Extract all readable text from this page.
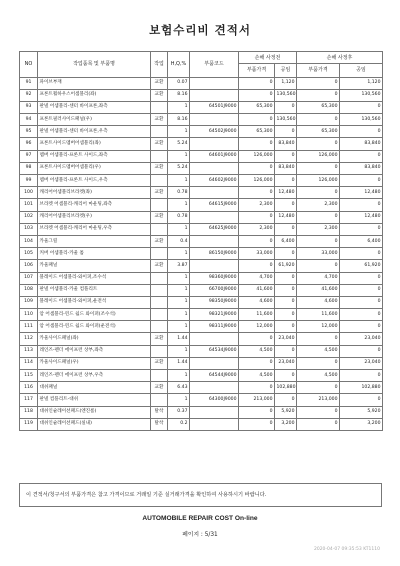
보험수리비 견적서
NO	작업품목 및 부품명	작업	H,Q,%	부품코드	손해 사정전		손해 사정후	
					부품가격	공임	부품가격	공임
91	파이브부재	교환	0.07		0	1,120	0	1,120
92	프론트휠하우스어셈블리(좌)	교환	8.16		0	130,560	0	130,560
93	판넬 어셈블리-센터 바이프론,좌측		1	64501J9000	65,300	0	65,300	0
94	프론트필러사이드패널(우)	교환	8.16		0	130,560	0	130,560
95	판넬 어셈블리-센터 바이프론,우측		1	64502J9000	65,300	0	65,300	0
96	프론트사이드멤버어셈블리(좌)	교환	5.24		0	83,840	0	83,840
97	멤버 어셈블리-프론트 사이드,좌측		1	64601J9000	126,000	0	126,000	0
98	프론트사이드멤버어셈블리(우)	교환	5.24		0	83,840	0	83,840
99	멤버 어셈블리-프론트 사이드,우측		1	64602J9000	126,000	0	126,000	0
100	캐리어어셈블리브라켓(좌)	교환	0.78		0	12,480	0	12,480
101	브라켓 어셈블리-캐리어 마운팅,좌측		1	64615J9000	2,300	0	2,300	0
102	캐리어어셈블리브라켓(우)	교환	0.78		0	12,480	0	12,480
103	브라켓 어셈블리-캐리어 마운팅,우측		1	64625J9000	2,300	0	2,300	0
104	카울그릴	교환	0.4		0	6,400	0	6,400
105	커버 어셈블리-카울 톱		1	86150J9000	33,000	0	33,000	0
106	카울패널	교환	3.87		0	61,920	0	61,920
107	블레이드 어셈블리-와이퍼,조수석		1	98360J9000	4,700	0	4,700	0
108	판넬 어셈블리-카울 컴플리트		1	66700J9000	41,600	0	41,600	0
109	블레이드 어셈블리-와이퍼,운전석		1	98350J9000	4,600	0	4,600	0
110	암 어셈블리-윈드 쉴드 와이퍼(조수석)		1	98321J9000	11,600	0	11,600	0
111	암 어셈블리-윈드 쉴드 와이퍼(운전석)		1	98311J9000	12,000	0	12,000	0
112	카울사이드패널(좌)	교환	1.44		0	23,040	0	23,040
113	레인즈-펜더 에이프런 상부,좌측		1	64534J9000	4,500	0	4,500	0
114	카울사이드패널(우)	교환	1.44		0	23,040	0	23,040
115	레인즈-펜더 에이프런 상부,우측		1	64544J9000	4,500	0	4,500	0
116	대쉬패널	교환	6.43		0	102,880	0	102,880
117	판넬 컴플리트-대쉬		1	64300J9000	213,000	0	213,000	0
118	대쉬인슐레이션패드(엔진룸)	탈착	0.37		0	5,920	0	5,920
119	대쉬인슐레이션패드(실내)	탈착	0.2		0	3,200	0	3,200
이 견적서/청구서의 부품가격은 참고 가격이므로 거래일 기준 실거래가격을 확인하여 사용하시기 바랍니다.
AUTOMOBILE REPAIR COST On-line
페이지 : 5/31
2020-04-07 09:35:53 KT1110
